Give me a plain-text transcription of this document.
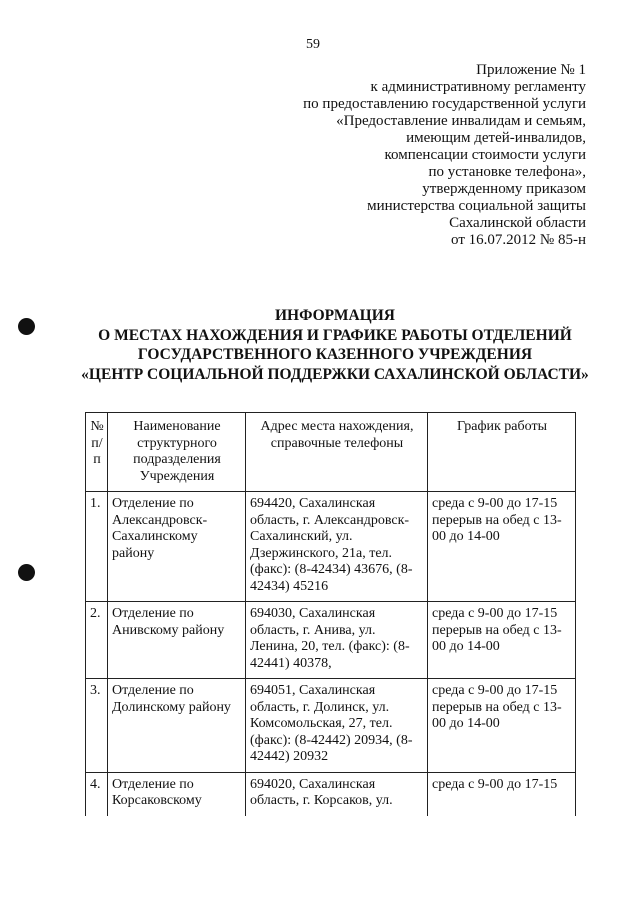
59
Приложение № 1
к административному регламенту
по предоставлению государственной услуги
«Предоставление инвалидам и семьям,
имеющим детей-инвалидов,
компенсации стоимости услуги
по установке телефона»,
утвержденному приказом
министерства социальной защиты
Сахалинской области
от 16.07.2012 № 85-н
ИНФОРМАЦИЯ
О МЕСТАХ НАХОЖДЕНИЯ И ГРАФИКЕ РАБОТЫ ОТДЕЛЕНИЙ
ГОСУДАРСТВЕННОГО КАЗЕННОГО УЧРЕЖДЕНИЯ
«ЦЕНТР СОЦИАЛЬНОЙ ПОДДЕРЖКИ САХАЛИНСКОЙ ОБЛАСТИ»
№ п/п	Наименование структурного подразделения Учреждения	Адрес места нахождения, справочные телефоны	График работы
1.	Отделение по Александровск-Сахалинскому району	694420, Сахалинская область, г. Александровск-Сахалинский, ул. Дзержинского, 21а, тел. (факс): (8-42434) 43676, (8-42434) 45216	среда с 9-00 до 17-15
перерыв на обед с 13-00 до 14-00

2.	Отделение по Анивскому району	694030, Сахалинская область, г. Анива, ул. Ленина, 20, тел. (факс): (8-42441) 40378,	среда с 9-00 до 17-15
перерыв на обед с 13-00 до 14-00

3.	Отделение по Долинскому району	694051, Сахалинская область, г. Долинск, ул. Комсомольская, 27, тел. (факс): (8-42442) 20934, (8-42442) 20932	среда с 9-00 до 17-15
перерыв на обед с 13-00 до 14-00

4.	Отделение по Корсаковскому	694020, Сахалинская область, г. Корсаков, ул.	среда с 9-00 до 17-15
